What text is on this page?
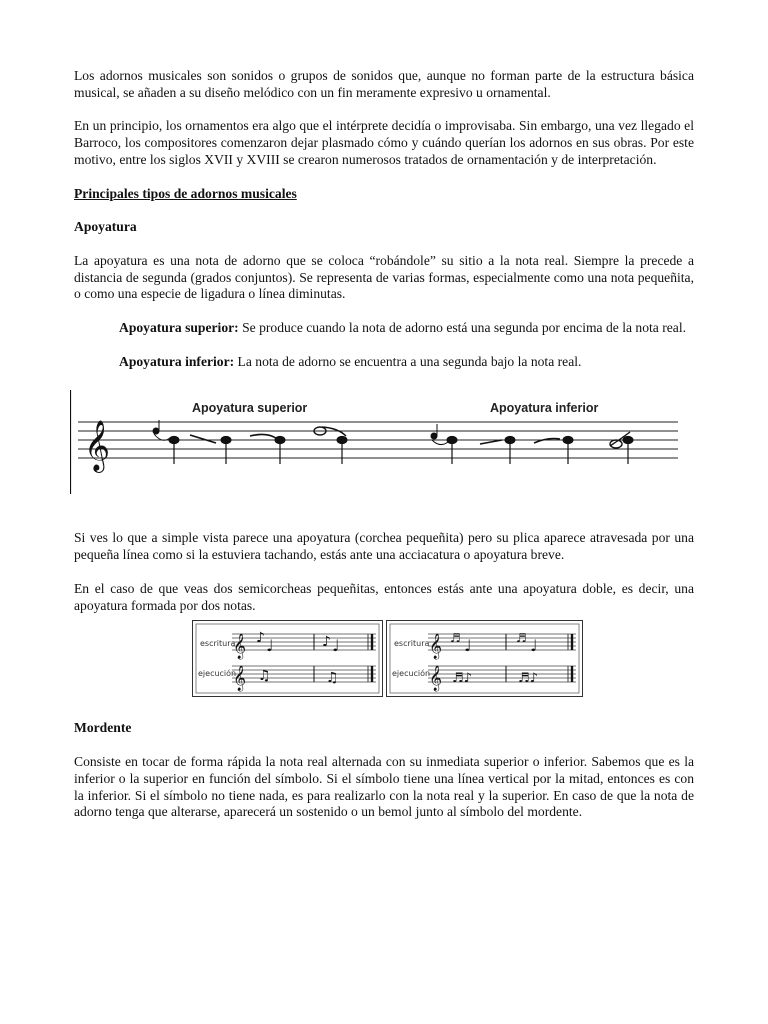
Los adornos musicales son sonidos o grupos de sonidos que, aunque no forman parte de la estructura básica musical, se añaden a su diseño melódico con un fin meramente expresivo u ornamental.

En un principio, los ornamentos era algo que el intérprete decidía o improvisaba. Sin embargo, una vez llegado el Barroco, los compositores comenzaron dejar plasmado cómo y cuándo querían los adornos en sus obras. Por este motivo, entre los siglos XVII y XVIII se crearon numerosos tratados de ornamentación y de interpretación.

Principales tipos de adornos musicales

Apoyatura

La apoyatura es una nota de adorno que se coloca “robándole” su sitio a la nota real. Siempre la precede a distancia de segunda (grados conjuntos). Se representa de varias formas, especialmente como una nota pequeñita, o como una especie de ligadura o línea diminutas.

Apoyatura superior: Se produce cuando la nota de adorno está una segunda por encima de la nota real.

Apoyatura inferior: La nota de adorno se encuentra a una segunda bajo la nota real.

Apoyatura superior	Apoyatura inferior
𝄞

Si ves lo que a simple vista parece una apoyatura (corchea pequeñita) pero su plica aparece atravesada por una pequeña línea como si la estuviera tachando, estás ante una acciacatura o apoyatura breve.

En el caso de que veas dos semicorcheas pequeñitas, entonces estás ante una apoyatura doble, es decir, una apoyatura formada por dos notas.

𝄞
𝄞
𝄞
𝄞
♪ ♩	♪ ♩
♫	♫
♬ ♩	♬ ♩
♬♪	♬♪
escritura
ejecución
escritura
ejecución

Mordente

Consiste en tocar de forma rápida la nota real alternada con su inmediata superior o inferior. Sabemos que es la inferior o la superior en función del símbolo. Si el símbolo tiene una línea vertical por la mitad, entonces es con la inferior. Si el símbolo no tiene nada, es para realizarlo con la nota real y la superior. En caso de que la nota de adorno tenga que alterarse, aparecerá un sostenido o un bemol junto al símbolo del mordente.
